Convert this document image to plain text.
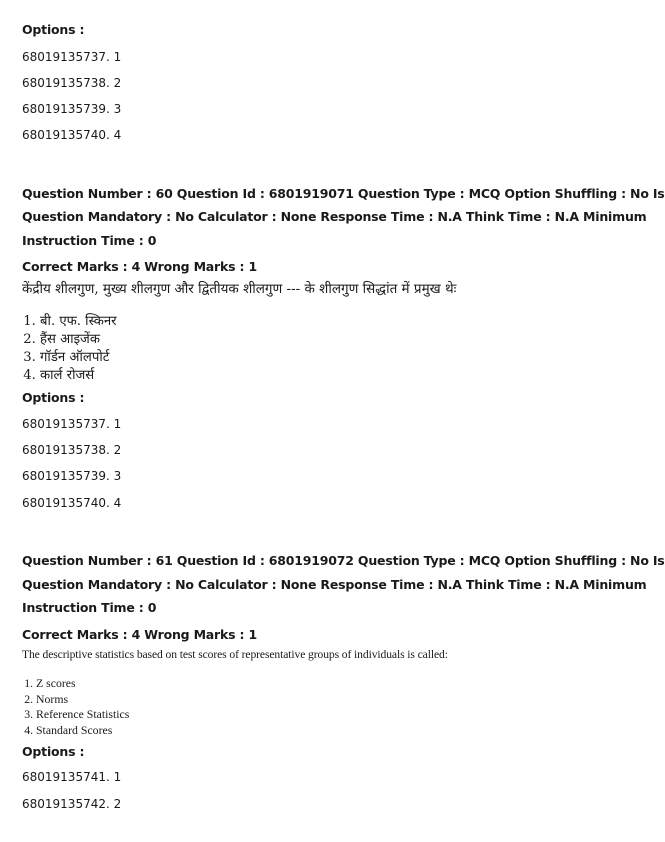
Options :
68019135737. 1
68019135738. 2
68019135739. 3
68019135740. 4
Question Number : 60 Question Id : 6801919071 Question Type : MCQ Option Shuffling : No Is
Question Mandatory : No Calculator : None Response Time : N.A Think Time : N.A Minimum
Instruction Time : 0
Correct Marks : 4 Wrong Marks : 1
केंद्रीय शीलगुण, मुख्य शीलगुण और द्वितीयक शीलगुण --- के शीलगुण सिद्धांत में प्रमुख थेः
1. बी. एफ. स्किनर
2. हैंस आइजेंक
3. गॉर्डन ऑलपोर्ट
4. कार्ल रोजर्स
Options :
68019135737. 1
68019135738. 2
68019135739. 3
68019135740. 4
Question Number : 61 Question Id : 6801919072 Question Type : MCQ Option Shuffling : No Is
Question Mandatory : No Calculator : None Response Time : N.A Think Time : N.A Minimum
Instruction Time : 0
Correct Marks : 4 Wrong Marks : 1
The descriptive statistics based on test scores of representative groups of individuals is called:
1. Z scores
2. Norms
3. Reference Statistics
4. Standard Scores
Options :
68019135741. 1
68019135742. 2
